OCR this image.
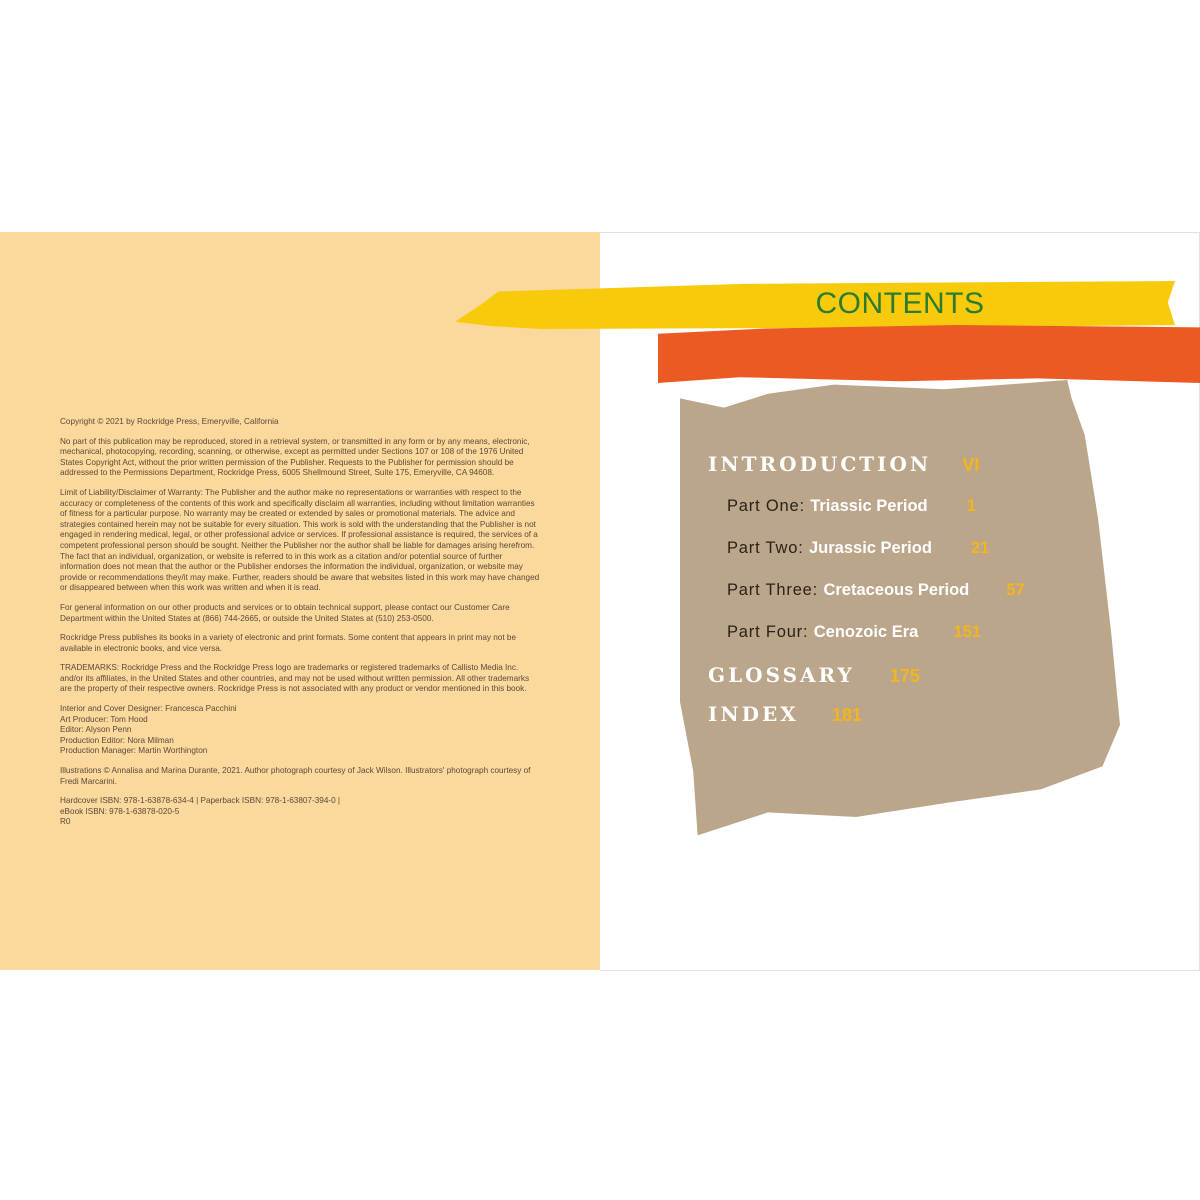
Copyright © 2021 by Rockridge Press, Emeryville, California

No part of this publication may be reproduced, stored in a retrieval system, or transmitted in any form or by any means, electronic, mechanical, photocopying, recording, scanning, or otherwise, except as permitted under Sections 107 or 108 of the 1976 United States Copyright Act, without the prior written permission of the Publisher. Requests to the Publisher for permission should be addressed to the Permissions Department, Rockridge Press, 6005 Shellmound Street, Suite 175, Emeryville, CA 94608.

Limit of Liability/Disclaimer of Warranty: The Publisher and the author make no representations or warranties with respect to the accuracy or completeness of the contents of this work and specifically disclaim all warranties, including without limitation warranties of fitness for a particular purpose. No warranty may be created or extended by sales or promotional materials. The advice and strategies contained herein may not be suitable for every situation. This work is sold with the understanding that the Publisher is not engaged in rendering medical, legal, or other professional advice or services. If professional assistance is required, the services of a competent professional person should be sought. Neither the Publisher nor the author shall be liable for damages arising herefrom. The fact that an individual, organization, or website is referred to in this work as a citation and/or potential source of further information does not mean that the author or the Publisher endorses the information the individual, organization, or website may provide or recommendations they/it may make. Further, readers should be aware that websites listed in this work may have changed or disappeared between when this work was written and when it is read.

For general information on our other products and services or to obtain technical support, please contact our Customer Care Department within the United States at (866) 744-2665, or outside the United States at (510) 253-0500.

Rockridge Press publishes its books in a variety of electronic and print formats. Some content that appears in print may not be available in electronic books, and vice versa.

TRADEMARKS: Rockridge Press and the Rockridge Press logo are trademarks or registered trademarks of Callisto Media Inc. and/or its affiliates, in the United States and other countries, and may not be used without written permission. All other trademarks are the property of their respective owners. Rockridge Press is not associated with any product or vendor mentioned in this book.

Interior and Cover Designer: Francesca Pacchini
Art Producer: Tom Hood
Editor: Alyson Penn
Production Editor: Nora Milman
Production Manager: Martin Worthington

Illustrations © Annalisa and Marina Durante, 2021. Author photograph courtesy of Jack Wilson. Illustrators' photograph courtesy of Fredi Marcarini.

Hardcover ISBN: 978-1-63878-634-4 | Paperback ISBN: 978-1-63807-394-0 |
eBook ISBN: 978-1-63878-020-5
R0

CONTENTS
INTRODUCTION VI
Part One: Triassic Period 1
Part Two: Jurassic Period 21
Part Three: Cretaceous Period 57
Part Four: Cenozoic Era 151
GLOSSARY 175
INDEX 181
